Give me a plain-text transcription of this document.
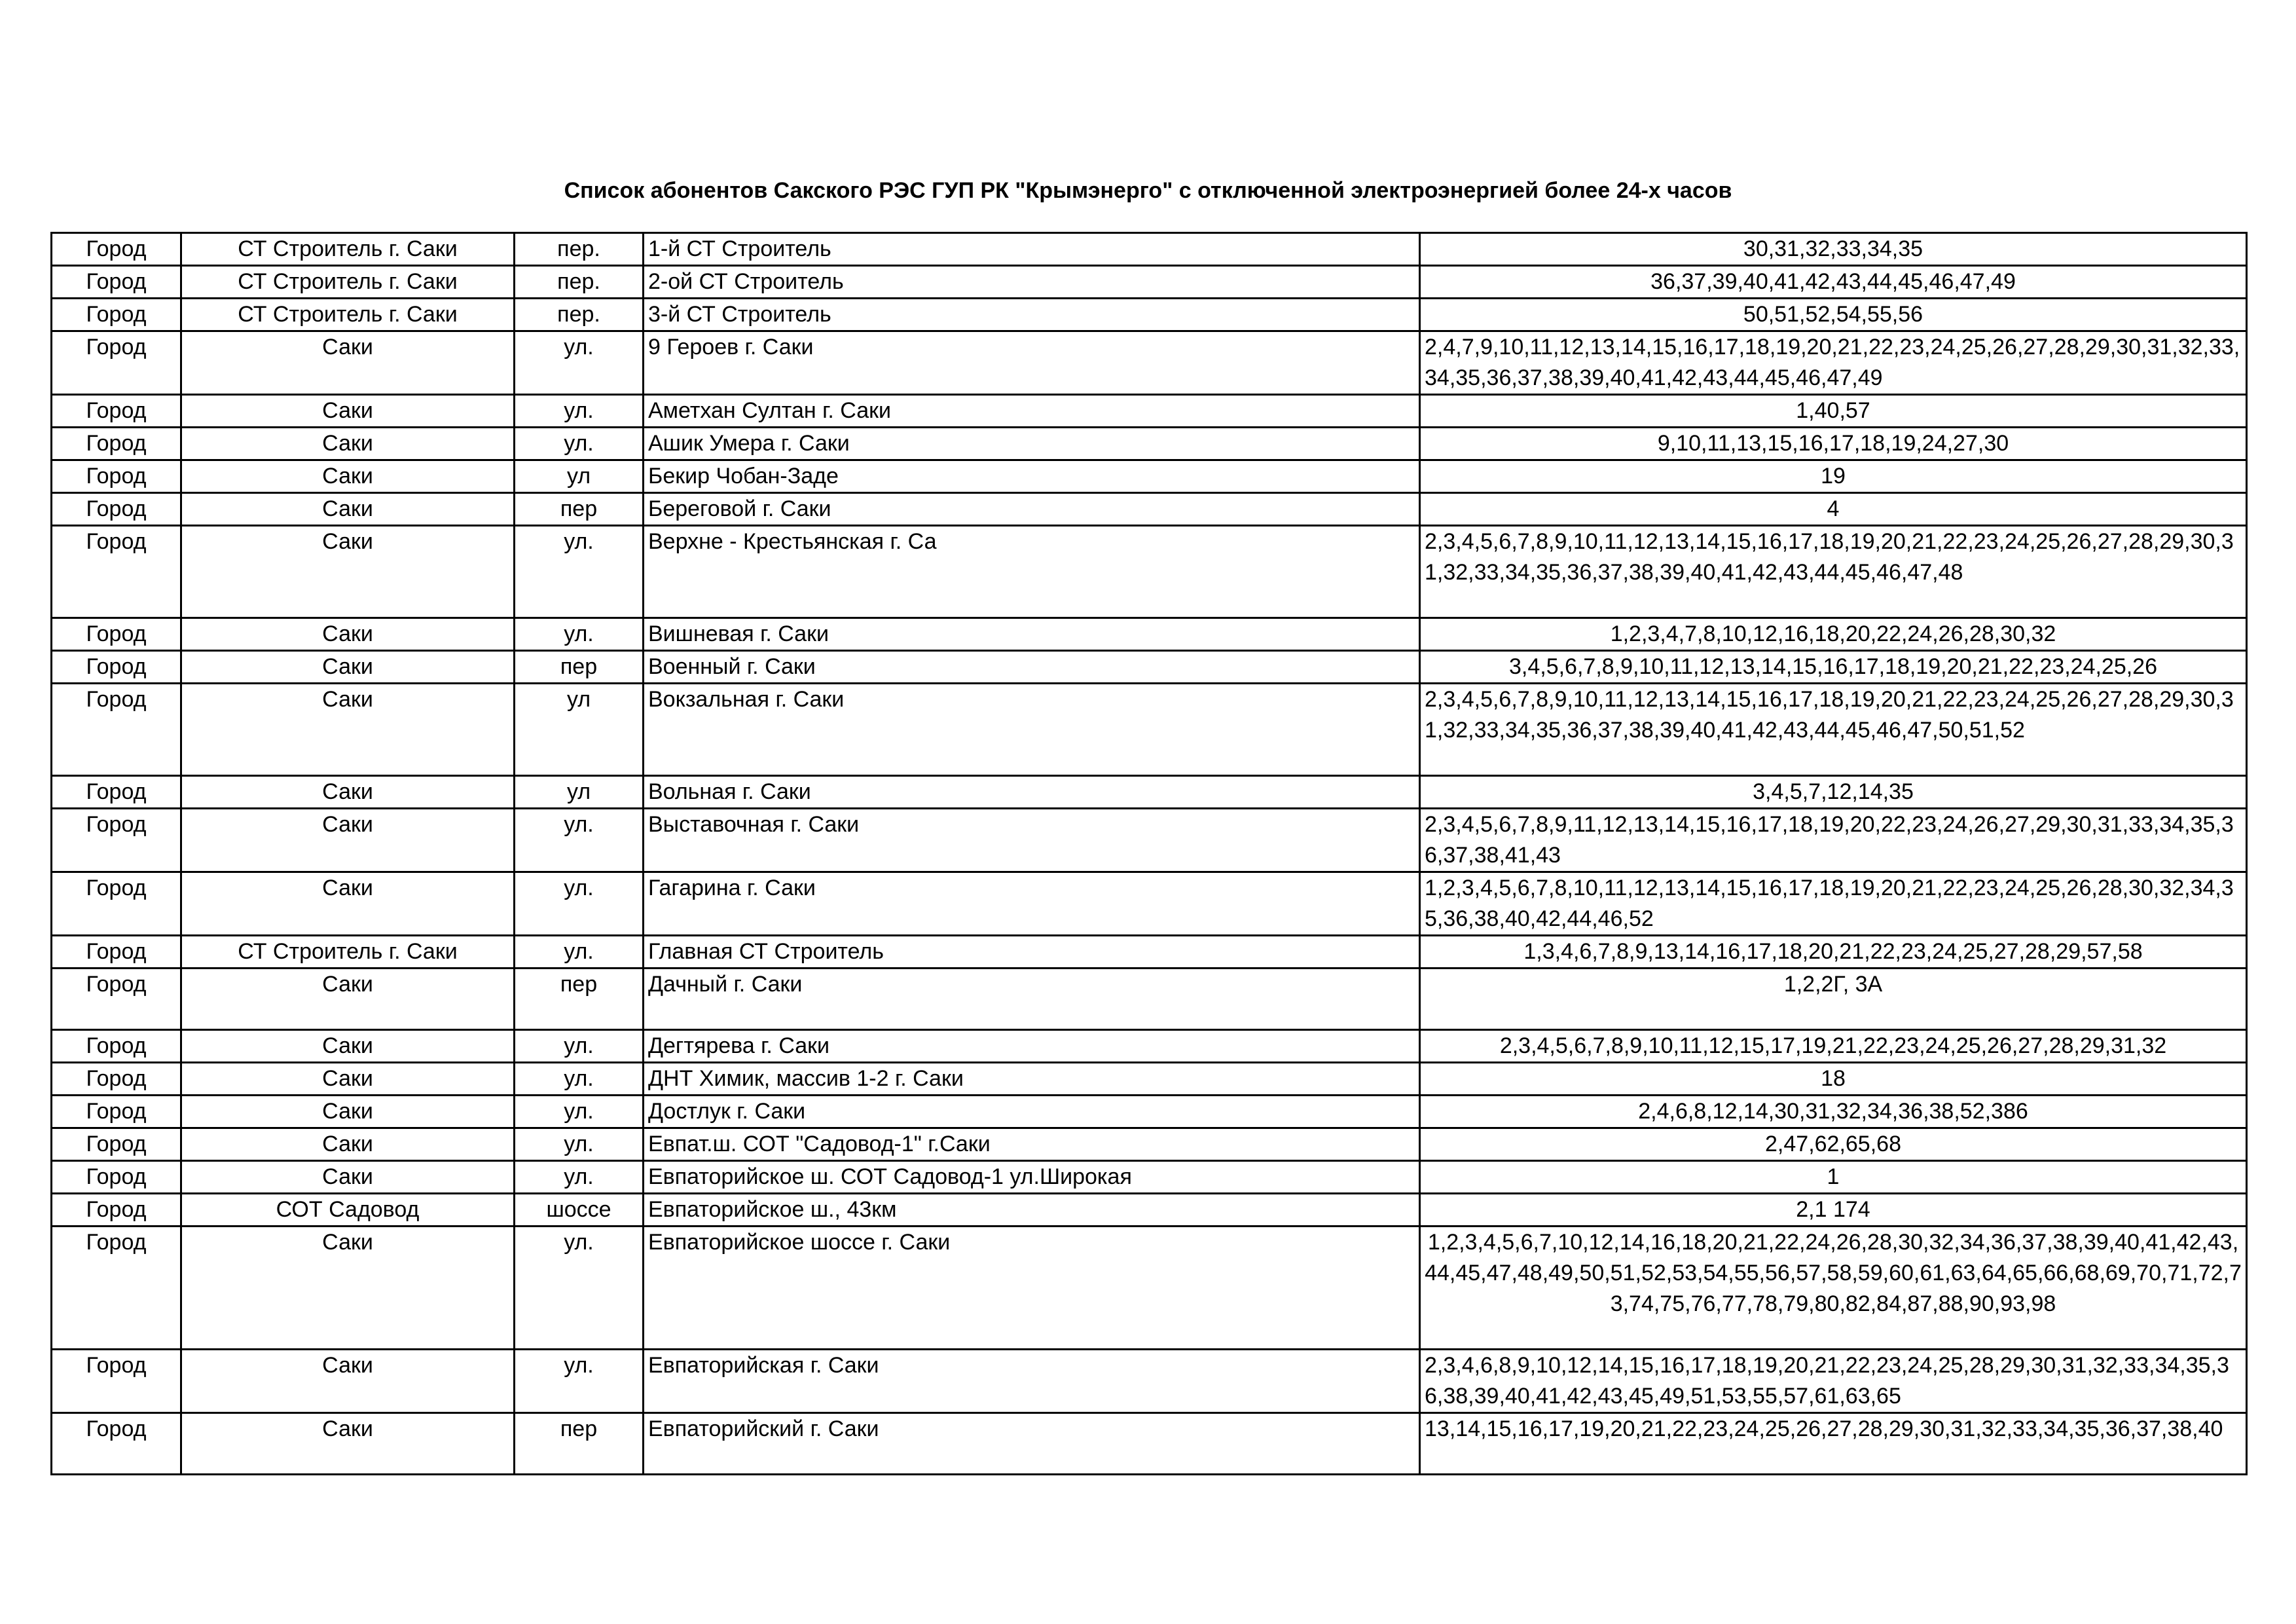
Список абонентов Сакского РЭС ГУП РК "Крымэнерго" с отключенной электроэнергией более 24-х часов
Город	СТ Строитель г. Саки	пер.	1-й СТ Строитель	30,31,32,33,34,35
Город	СТ Строитель г. Саки	пер.	2-ой СТ Строитель	36,37,39,40,41,42,43,44,45,46,47,49
Город	СТ Строитель г. Саки	пер.	3-й СТ Строитель	50,51,52,54,55,56
Город	Саки	ул.	9 Героев г. Саки	2,4,7,9,10,11,12,13,14,15,16,17,18,19,20,21,22,23,24,25,26,27,28,29,30,31,32,33,34,35,36,37,38,39,40,41,42,43,44,45,46,47,49
Город	Саки	ул.	Аметхан Султан г. Саки	1,40,57
Город	Саки	ул.	Ашик Умера г. Саки	9,10,11,13,15,16,17,18,19,24,27,30
Город	Саки	ул	Бекир Чобан-Заде	19
Город	Саки	пер	Береговой г. Саки	4
Город	Саки	ул.	Верхне - Крестьянская г. Са	2,3,4,5,6,7,8,9,10,11,12,13,14,15,16,17,18,19,20,21,22,23,24,25,26,27,28,29,30,31,32,33,34,35,36,37,38,39,40,41,42,43,44,45,46,47,48
Город	Саки	ул.	Вишневая г. Саки	1,2,3,4,7,8,10,12,16,18,20,22,24,26,28,30,32
Город	Саки	пер	Военный г. Саки	3,4,5,6,7,8,9,10,11,12,13,14,15,16,17,18,19,20,21,22,23,24,25,26
Город	Саки	ул	Вокзальная г. Саки	2,3,4,5,6,7,8,9,10,11,12,13,14,15,16,17,18,19,20,21,22,23,24,25,26,27,28,29,30,31,32,33,34,35,36,37,38,39,40,41,42,43,44,45,46,47,50,51,52
Город	Саки	ул	Вольная г. Саки	3,4,5,7,12,14,35
Город	Саки	ул.	Выставочная г. Саки	2,3,4,5,6,7,8,9,11,12,13,14,15,16,17,18,19,20,22,23,24,26,27,29,30,31,33,34,35,36,37,38,41,43
Город	Саки	ул.	Гагарина г. Саки	1,2,3,4,5,6,7,8,10,11,12,13,14,15,16,17,18,19,20,21,22,23,24,25,26,28,30,32,34,35,36,38,40,42,44,46,52
Город	СТ Строитель г. Саки	ул.	Главная СТ Строитель	1,3,4,6,7,8,9,13,14,16,17,18,20,21,22,23,24,25,27,28,29,57,58
Город	Саки	пер	Дачный г. Саки	1,2,2Г, 3А
Город	Саки	ул.	Дегтярева г. Саки	2,3,4,5,6,7,8,9,10,11,12,15,17,19,21,22,23,24,25,26,27,28,29,31,32
Город	Саки	ул.	ДНТ Химик, массив 1-2 г. Саки	18
Город	Саки	ул.	Достлук г. Саки	2,4,6,8,12,14,30,31,32,34,36,38,52,386
Город	Саки	ул.	Евпат.ш. СОТ "Садовод-1" г.Саки	2,47,62,65,68
Город	Саки	ул.	Евпаторийское ш. СОТ Садовод-1 ул.Широкая	1
Город	СОТ Садовод	шоссе	Евпаторийское ш., 43км	2,1 174
Город	Саки	ул.	Евпаторийское шоссе г. Саки	1,2,3,4,5,6,7,10,12,14,16,18,20,21,22,24,26,28,30,32,34,36,37,38,39,40,41,42,43,44,45,47,48,49,50,51,52,53,54,55,56,57,58,59,60,61,63,64,65,66,68,69,70,71,72,73,74,75,76,77,78,79,80,82,84,87,88,90,93,98
Город	Саки	ул.	Евпаторийская г. Саки	2,3,4,6,8,9,10,12,14,15,16,17,18,19,20,21,22,23,24,25,28,29,30,31,32,33,34,35,36,38,39,40,41,42,43,45,49,51,53,55,57,61,63,65
Город	Саки	пер	Евпаторийский г. Саки	13,14,15,16,17,19,20,21,22,23,24,25,26,27,28,29,30,31,32,33,34,35,36,37,38,40
